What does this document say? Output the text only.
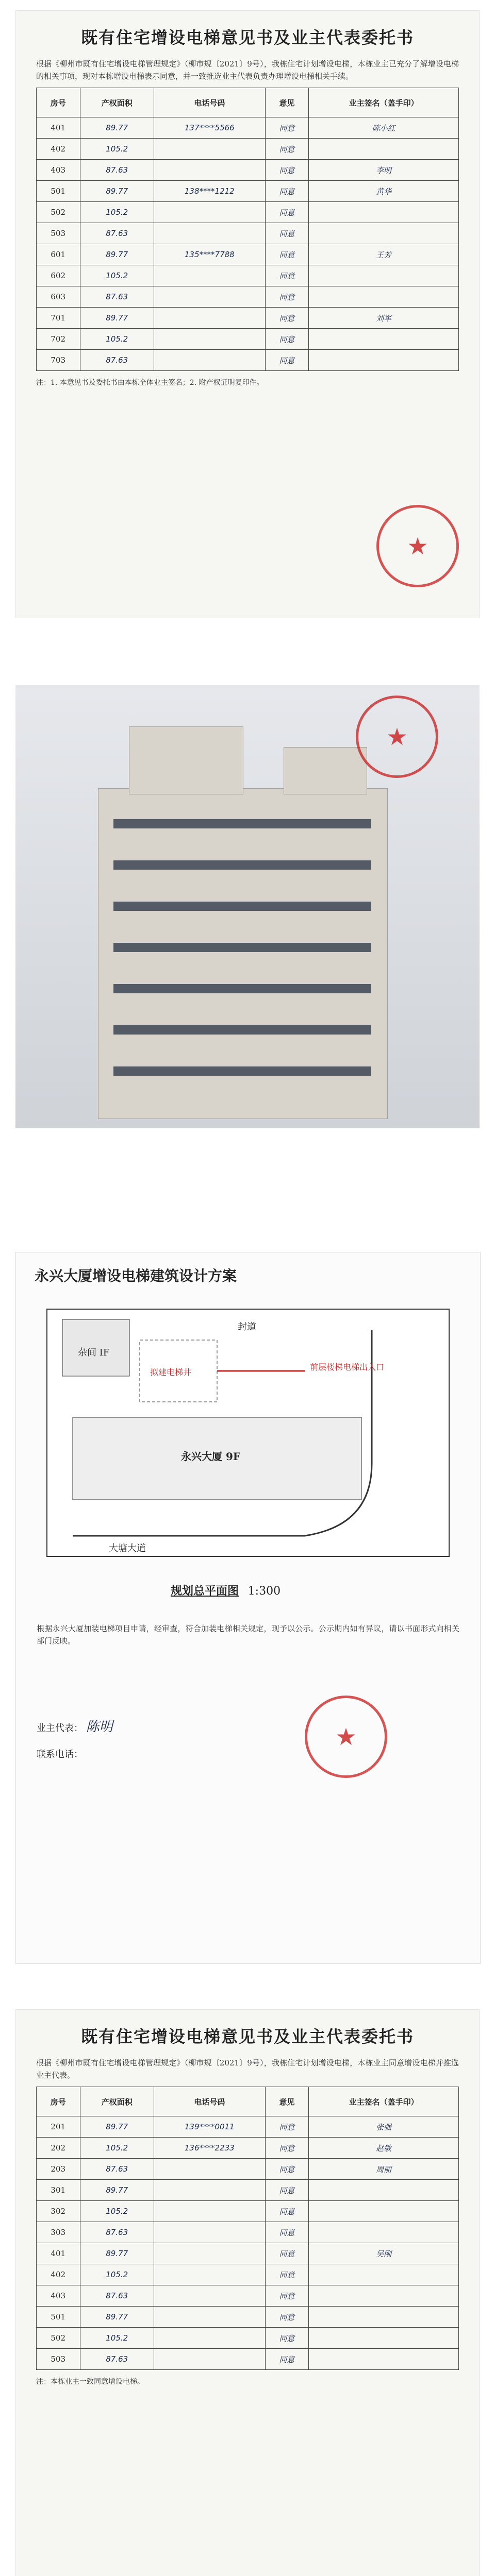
既有住宅增设电梯意见书及业主代表委托书
根据《柳州市既有住宅增设电梯管理规定》（柳市规〔2021〕9号），我栋住宅计划增设电梯，本栋业主已充分了解增设电梯的相关事项，现对本栋增设电梯表示同意，并一致推选业主代表负责办理增设电梯相关手续。
房号	产权面积	电话号码	意见	业主签名（盖手印）
401	89.77	137****5566	同意	陈小红
402	105.2		同意	
403	87.63		同意	李明
501	89.77	138****1212	同意	黄华
502	105.2		同意	
503	87.63		同意	
601	89.77	135****7788	同意	王芳
602	105.2		同意	
603	87.63		同意	
701	89.77		同意	刘军
702	105.2		同意	
703	87.63		同意	
注：1. 本意见书及委托书由本栋全体业主签名；2. 附产权证明复印件。
★
★
永兴大厦增设电梯建筑设计方案
封道
杂间 IF
拟建电梯井
前层楼梯电梯出入口
永兴大厦 9F
大塘大道
规划总平面图 1:300
根据永兴大厦加装电梯项目申请，经审查，符合加装电梯相关规定，现予以公示。公示期内如有异议，请以书面形式向相关部门反映。
业主代表： 陈明
联系电话：
★
既有住宅增设电梯意见书及业主代表委托书
根据《柳州市既有住宅增设电梯管理规定》（柳市规〔2021〕9号），我栋住宅计划增设电梯，本栋业主同意增设电梯并推选业主代表。
房号	产权面积	电话号码	意见	业主签名（盖手印）
201	89.77	139****0011	同意	张强
202	105.2	136****2233	同意	赵敏
203	87.63		同意	周丽
301	89.77		同意	
302	105.2		同意	
303	87.63		同意	
401	89.77		同意	吴刚
402	105.2		同意	
403	87.63		同意	
501	89.77		同意	
502	105.2		同意	
503	87.63		同意	
注：本栋业主一致同意增设电梯。
